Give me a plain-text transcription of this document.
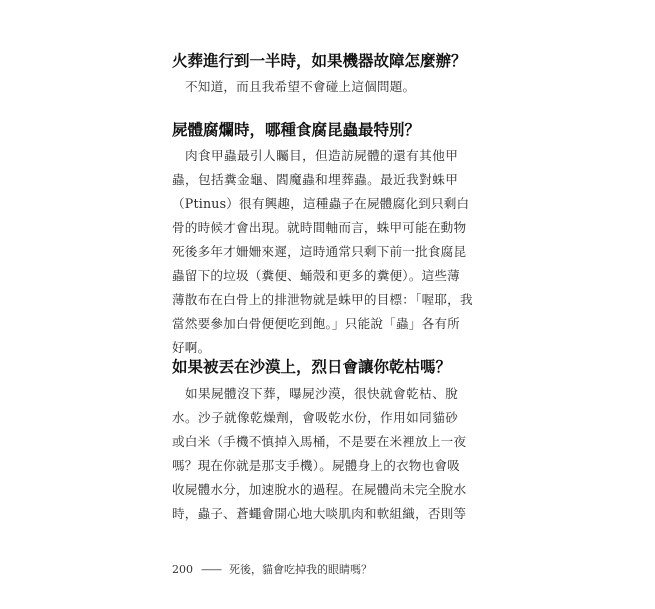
火葬進行到一半時，如果機器故障怎麼辦？
不知道，而且我希望不會碰上這個問題。
屍體腐爛時，哪種食腐昆蟲最特別？
肉食甲蟲最引人矚目，但造訪屍體的還有其他甲
蟲，包括糞金龜、閻魔蟲和埋葬蟲。最近我對蛛甲
（Ptinus）很有興趣，這種蟲子在屍體腐化到只剩白
骨的時候才會出現。就時間軸而言，蛛甲可能在動物
死後多年才姍姍來遲，這時通常只剩下前一批食腐昆
蟲留下的垃圾（糞便、蛹殼和更多的糞便）。這些薄
薄散布在白骨上的排泄物就是蛛甲的目標：「喔耶，我
當然要參加白骨便便吃到飽。」只能說「蟲」各有所
好啊。
如果被丟在沙漠上，烈日會讓你乾枯嗎？
如果屍體沒下葬，曝屍沙漠，很快就會乾枯、脫
水。沙子就像乾燥劑，會吸乾水份，作用如同貓砂
或白米（手機不慎掉入馬桶，不是要在米裡放上一夜
嗎？現在你就是那支手機）。屍體身上的衣物也會吸
收屍體水分，加速脫水的過程。在屍體尚未完全脫水
時，蟲子、蒼蠅會開心地大啖肌肉和軟組織，否則等
200 —— 死後，貓會吃掉我的眼睛嗎？
